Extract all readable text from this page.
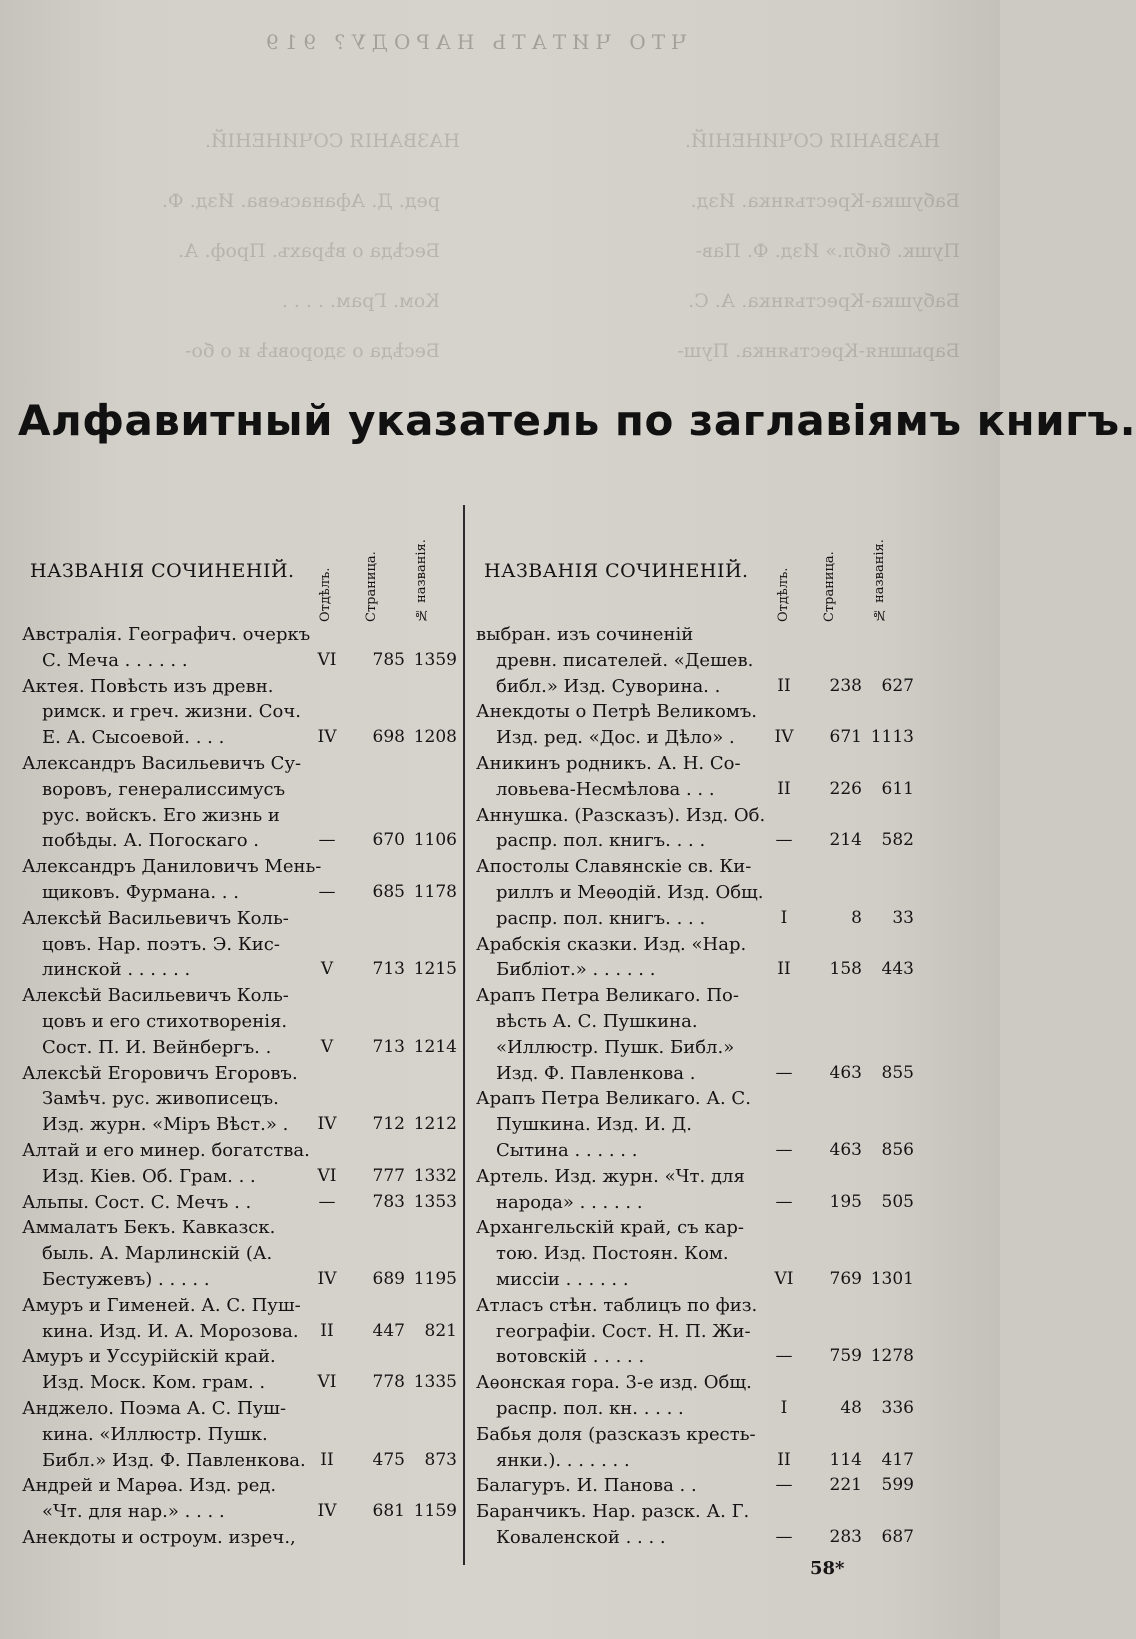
НАЗВАНІЯ СОЧИНЕНІЙ.
НАЗВАНІЯ СОЧИНЕНІЙ.
Бабушка-Крестьянка. Изд.
ред. Д. Афанасьева. Изд. Ф.
Пушк. библ.» Изд. Ф. Пав-
Бесѣда о вѣрахъ. Проф. А.
Бабушка-Крестьянка. А. С.
Ком. Грам. . . . .
Барышня-Крестьянка. Пуш-
Бесѣда о здоровьѣ и о бо-
ЧТО ЧИТАТЬ НАРОДУ? 919
Алфавитный указатель по заглавіямъ книгъ.
НАЗВАНІЯ СОЧИНЕНІЙ. Отдѣлъ. Страница.	№ названія.
Австралія. Географич. очеркъ
С. Меча . . . . . .	VI 785 1359
Актея. Повѣсть изъ древн.
римск. и греч. жизни. Соч.
Е. А. Сысоевой. . . .	IV 698 1208
Александръ Васильевичъ Су-
воровъ, генералиссимусъ
рус. войскъ. Его жизнь и
побѣды. А. Погоскаго .	— 670 1106
Александръ Даниловичъ Мень-
щиковъ. Фурмана. . .	— 685 1178
Алексѣй Васильевичъ Коль-
цовъ. Нар. поэтъ. Э. Кис-
линской . . . . . .	V 713 1215
Алексѣй Васильевичъ Коль-
цовъ и его стихотворенія.
Сост. П. И. Вейнбергъ. .	V 713 1214
Алексѣй Егоровичъ Егоровъ.
Замѣч. рус. живописецъ.
Изд. журн. «Міръ Вѣст.» .	IV 712 1212
Алтай и его минер. богатства.
Изд. Кіев. Об. Грам. . .	VI 777 1332
Альпы. Сост. С. Мечъ . .	— 783 1353
Аммалатъ Бекъ. Кавказск.
быль. А. Марлинскій (А.
Бестужевъ) . . . . .	IV 689 1195
Амуръ и Гименей. А. С. Пуш-
кина. Изд. И. А. Морозова.	II 447 821
Амуръ и Уссурійскій край.
Изд. Моск. Ком. грам. .	VI 778 1335
Анджело. Поэма А. С. Пуш-
кина. «Иллюстр. Пушк.
Библ.» Изд. Ф. Павленкова. II 475 873
Андрей и Марѳа. Изд. ред.
«Чт. для нар.» . . . .	IV 681 1159
Анекдоты и остроум. изреч.,
НАЗВАНІЯ СОЧИНЕНІЙ. Отдѣлъ. Страница.	№ названія.
выбран. изъ сочиненій
древн. писателей. «Дешев.
библ.» Изд. Суворина. .	II 238 627
Анекдоты о Петрѣ Великомъ.
Изд. ред. «Дос. и Дѣло» .	IV 671 1113
Аникинъ родникъ. А. Н. Со-
ловьева-Несмѣлова . . .	II 226 611
Аннушка. (Разсказъ). Изд. Об.
распр. пол. книгъ. . . .	— 214 582
Апостолы Славянскіе св. Ки-
риллъ и Меѳодій. Изд. Общ.
распр. пол. книгъ. . . .	I	8 33
Арабскія сказки. Изд. «Нар.
Библіот.» . . . . . .	II 158 443
Арапъ Петра Великаго. По-
вѣсть А. С. Пушкина.
«Иллюстр. Пушк. Библ.»
Изд. Ф. Павленкова .	— 463 855
Арапъ Петра Великаго. А. С.
Пушкина. Изд. И. Д.
Сытина . . . . . .	— 463 856
Артель. Изд. журн. «Чт. для
народа» . . . . . .	— 195 505
Архангельскій край, съ кар-
тою. Изд. Постоян. Ком.
миссіи . . . . . .	VI 769 1301
Атласъ стѣн. таблицъ по физ.
географіи. Сост. Н. П. Жи-
вотовскій . . . . .	— 759 1278
Аѳонская гора. 3-е изд. Общ.
распр. пол. кн. . . . .	I	48 336
Бабья доля (разсказъ кресть-
янки.). . . . . . .	II 114 417
Балагуръ. И. Панова . .	— 221 599
Баранчикъ. Нар. разск. А. Г.
Коваленской . . . .	— 283 687
58*
